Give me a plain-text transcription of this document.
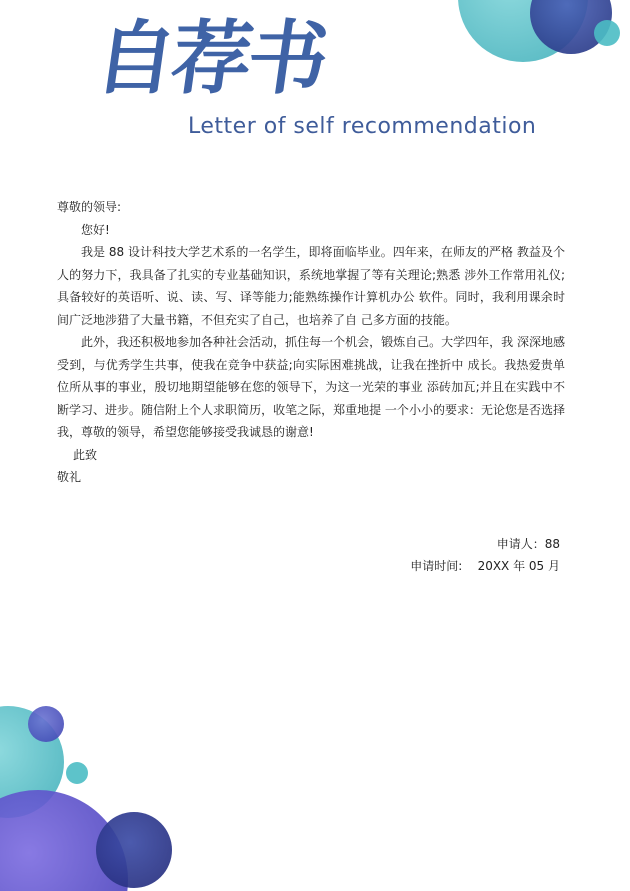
自荐书
Letter of self recommendation

尊敬的领导:

您好!

我是 88 设计科技大学艺术系的一名学生，即将面临毕业。四年来，在师友的严格 教益及个人的努力下，我具备了扎实的专业基础知识，系统地掌握了等有关理论;熟悉 涉外工作常用礼仪;具备较好的英语听、说、读、写、译等能力;能熟练操作计算机办公 软件。同时，我利用课余时间广泛地涉猎了大量书籍，不但充实了自己，也培养了自 己多方面的技能。

此外，我还积极地参加各种社会活动，抓住每一个机会，锻炼自己。大学四年，我 深深地感受到，与优秀学生共事，使我在竞争中获益;向实际困难挑战，让我在挫折中 成长。我热爱贵单位所从事的事业，殷切地期望能够在您的领导下，为这一光荣的事业 添砖加瓦;并且在实践中不断学习、进步。随信附上个人求职简历，收笔之际，郑重地提 一个小小的要求：无论您是否选择我，尊敬的领导，希望您能够接受我诚恳的谢意!

此致

敬礼

申请人：88
申请时间:    20XX 年 05 月
